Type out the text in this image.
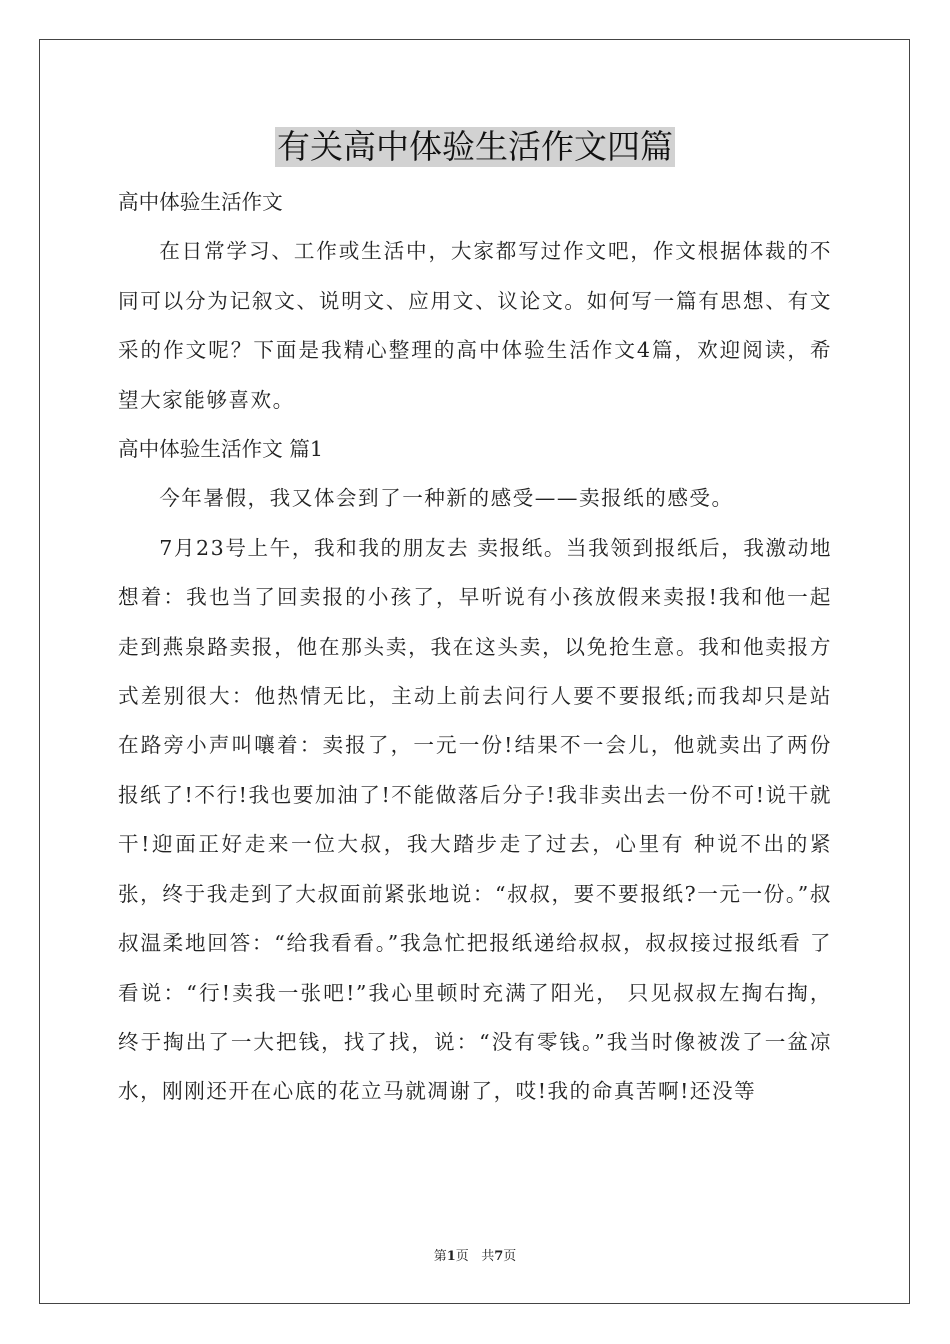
有关高中体验生活作文四篇

高中体验生活作文

在日常学习、工作或生活中，大家都写过作文吧，作文根据体裁的不同可以分为记叙文、说明文、应用文、议论文。如何写一篇有思想、有文采的作文呢？下面是我精心整理的高中体验生活作文4篇，欢迎阅读，希望大家能够喜欢。

高中体验生活作文 篇1

今年暑假，我又体会到了一种新的感受——卖报纸的感受。

7月23号上午，我和我的朋友去 卖报纸。当我领到报纸后，我激动地想着：我也当了回卖报的小孩了，早听说有小孩放假来卖报!我和他一起走到燕泉路卖报，他在那头卖，我在这头卖，以免抢生意。我和他卖报方式差别很大：他热情无比，主动上前去问行人要不要报纸;而我却只是站在路旁小声叫嚷着：卖报了，一元一份!结果不一会儿，他就卖出了两份报纸了!不行!我也要加油了!不能做落后分子!我非卖出去一份不可!说干就干!迎面正好走来一位大叔，我大踏步走了过去，心里有 种说不出的紧张，终于我走到了大叔面前紧张地说：“叔叔，要不要报纸?一元一份。”叔叔温柔地回答：“给我看看。”我急忙把报纸递给叔叔，叔叔接过报纸看 了看说：“行!卖我一张吧!”我心里顿时充满了阳光， 只见叔叔左掏右掏，终于掏出了一大把钱，找了找，说：“没有零钱。”我当时像被泼了一盆凉水，刚刚还开在心底的花立马就凋谢了，哎!我的命真苦啊!还没等

第1页 共7页
